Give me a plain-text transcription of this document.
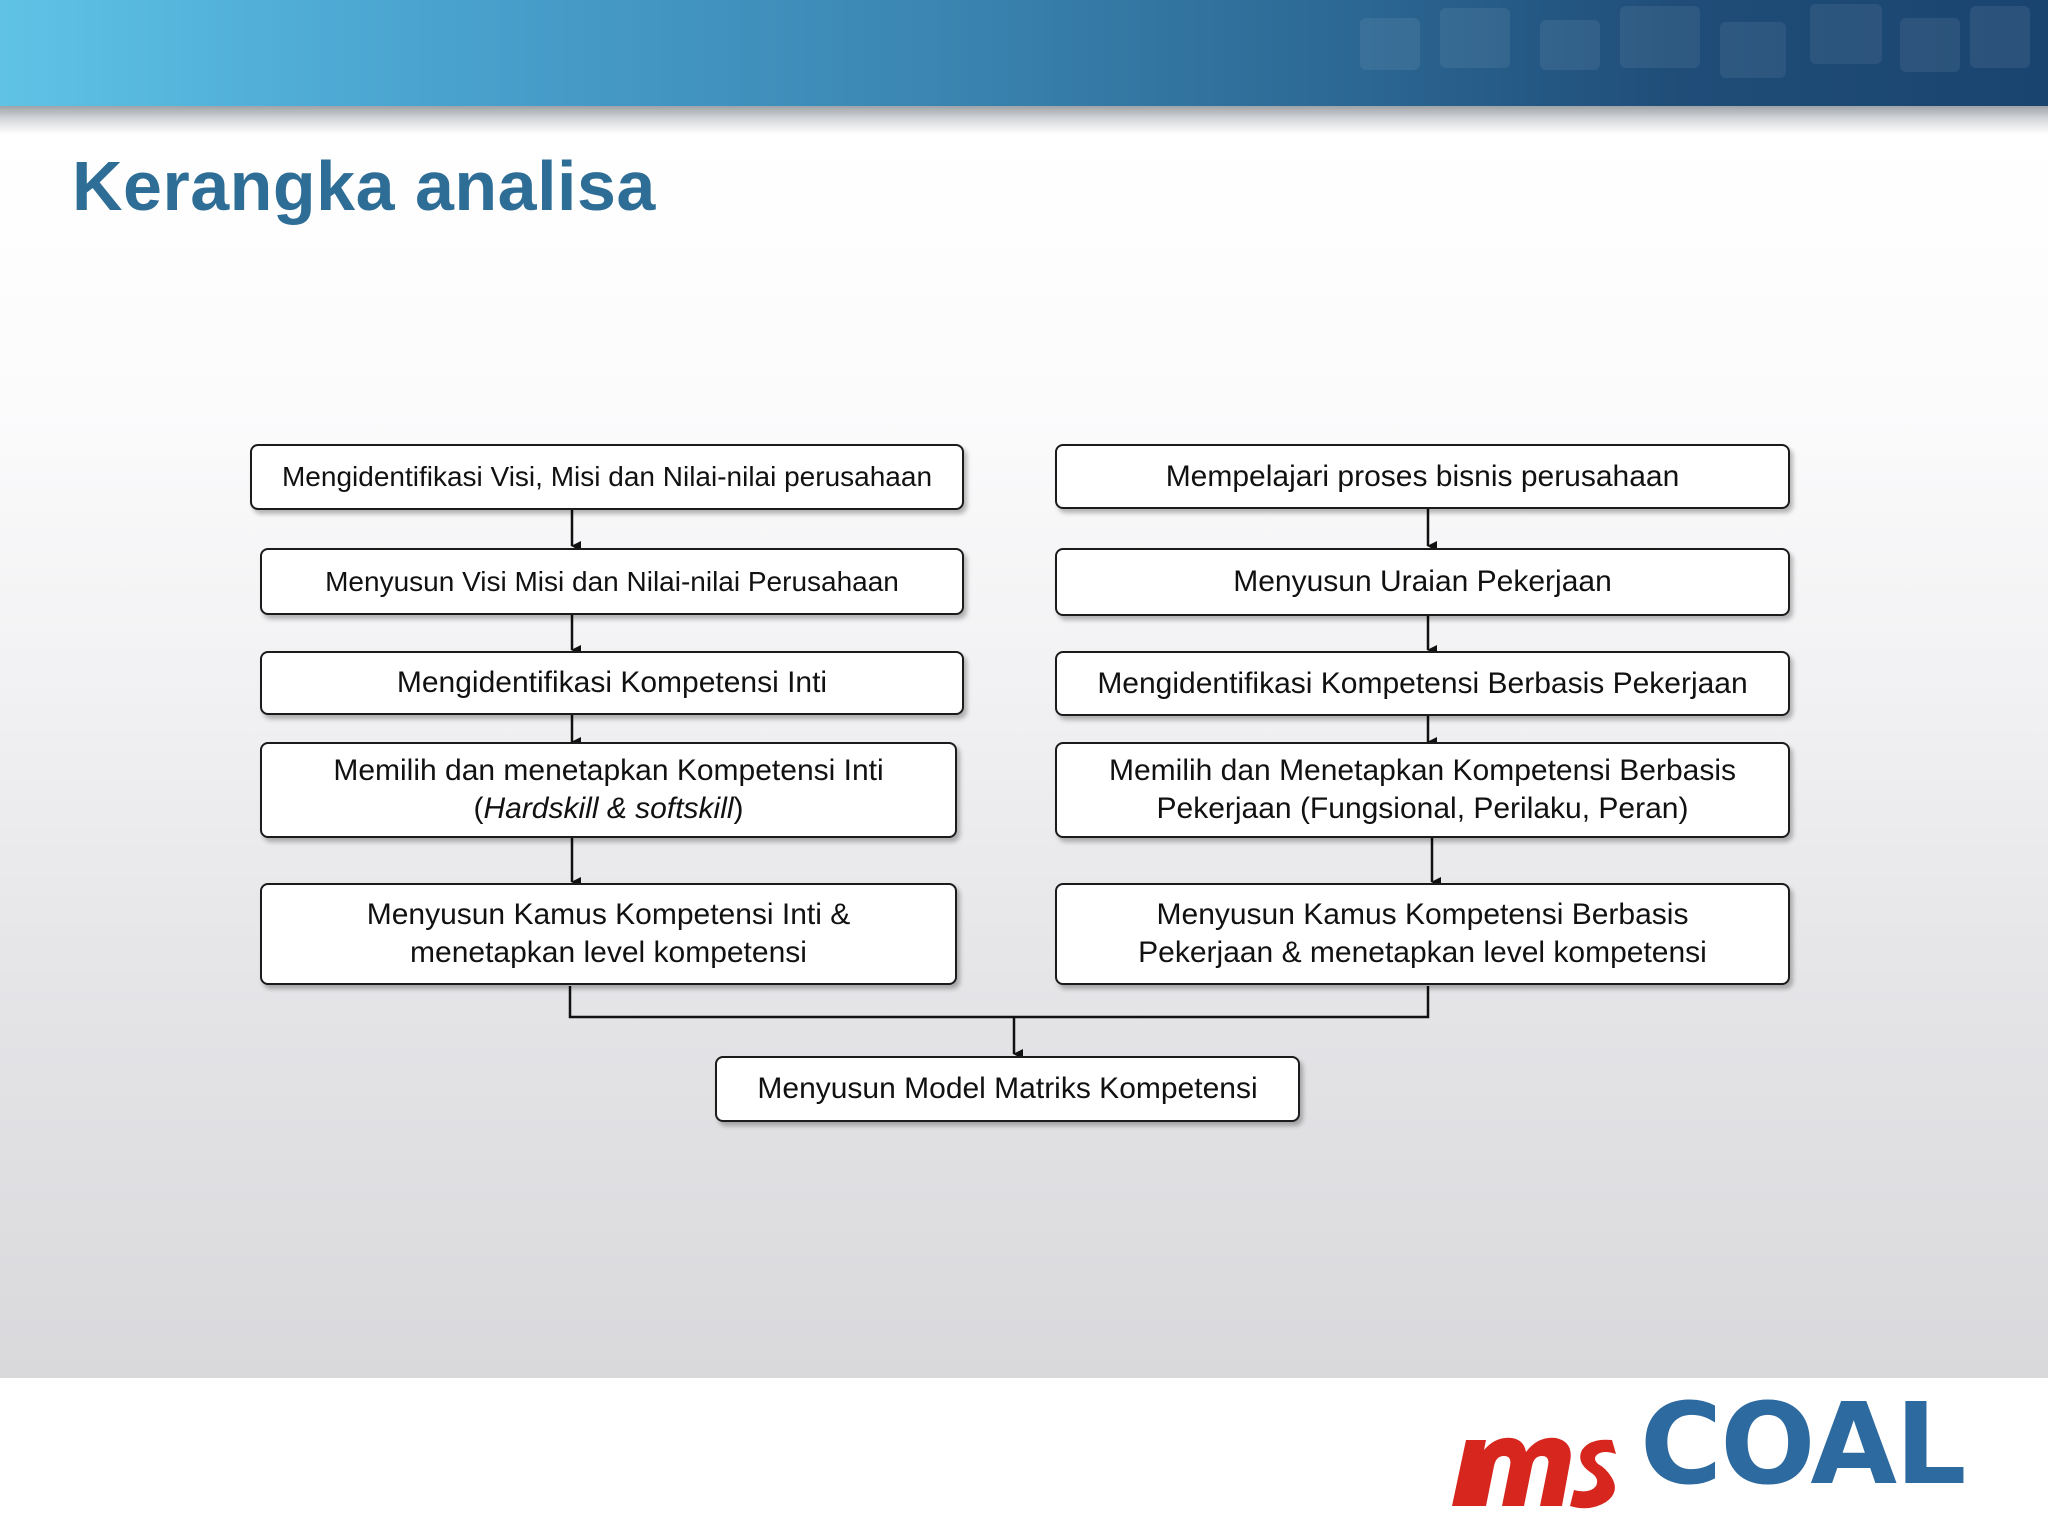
Kerangka analisa
Mengidentifikasi Visi, Misi dan Nilai-nilai perusahaan
Menyusun Visi Misi dan Nilai-nilai Perusahaan
Mengidentifikasi Kompetensi Inti
Memilih dan menetapkan Kompetensi Inti
(Hardskill & softskill)
Menyusun Kamus Kompetensi Inti &
menetapkan level kompetensi
Mempelajari proses bisnis perusahaan
Menyusun Uraian Pekerjaan
Mengidentifikasi Kompetensi Berbasis Pekerjaan
Memilih dan Menetapkan Kompetensi Berbasis
Pekerjaan (Fungsional, Perilaku, Peran)
Menyusun Kamus Kompetensi Berbasis
Pekerjaan & menetapkan level kompetensi
Menyusun Model Matriks Kompetensi
COAL
